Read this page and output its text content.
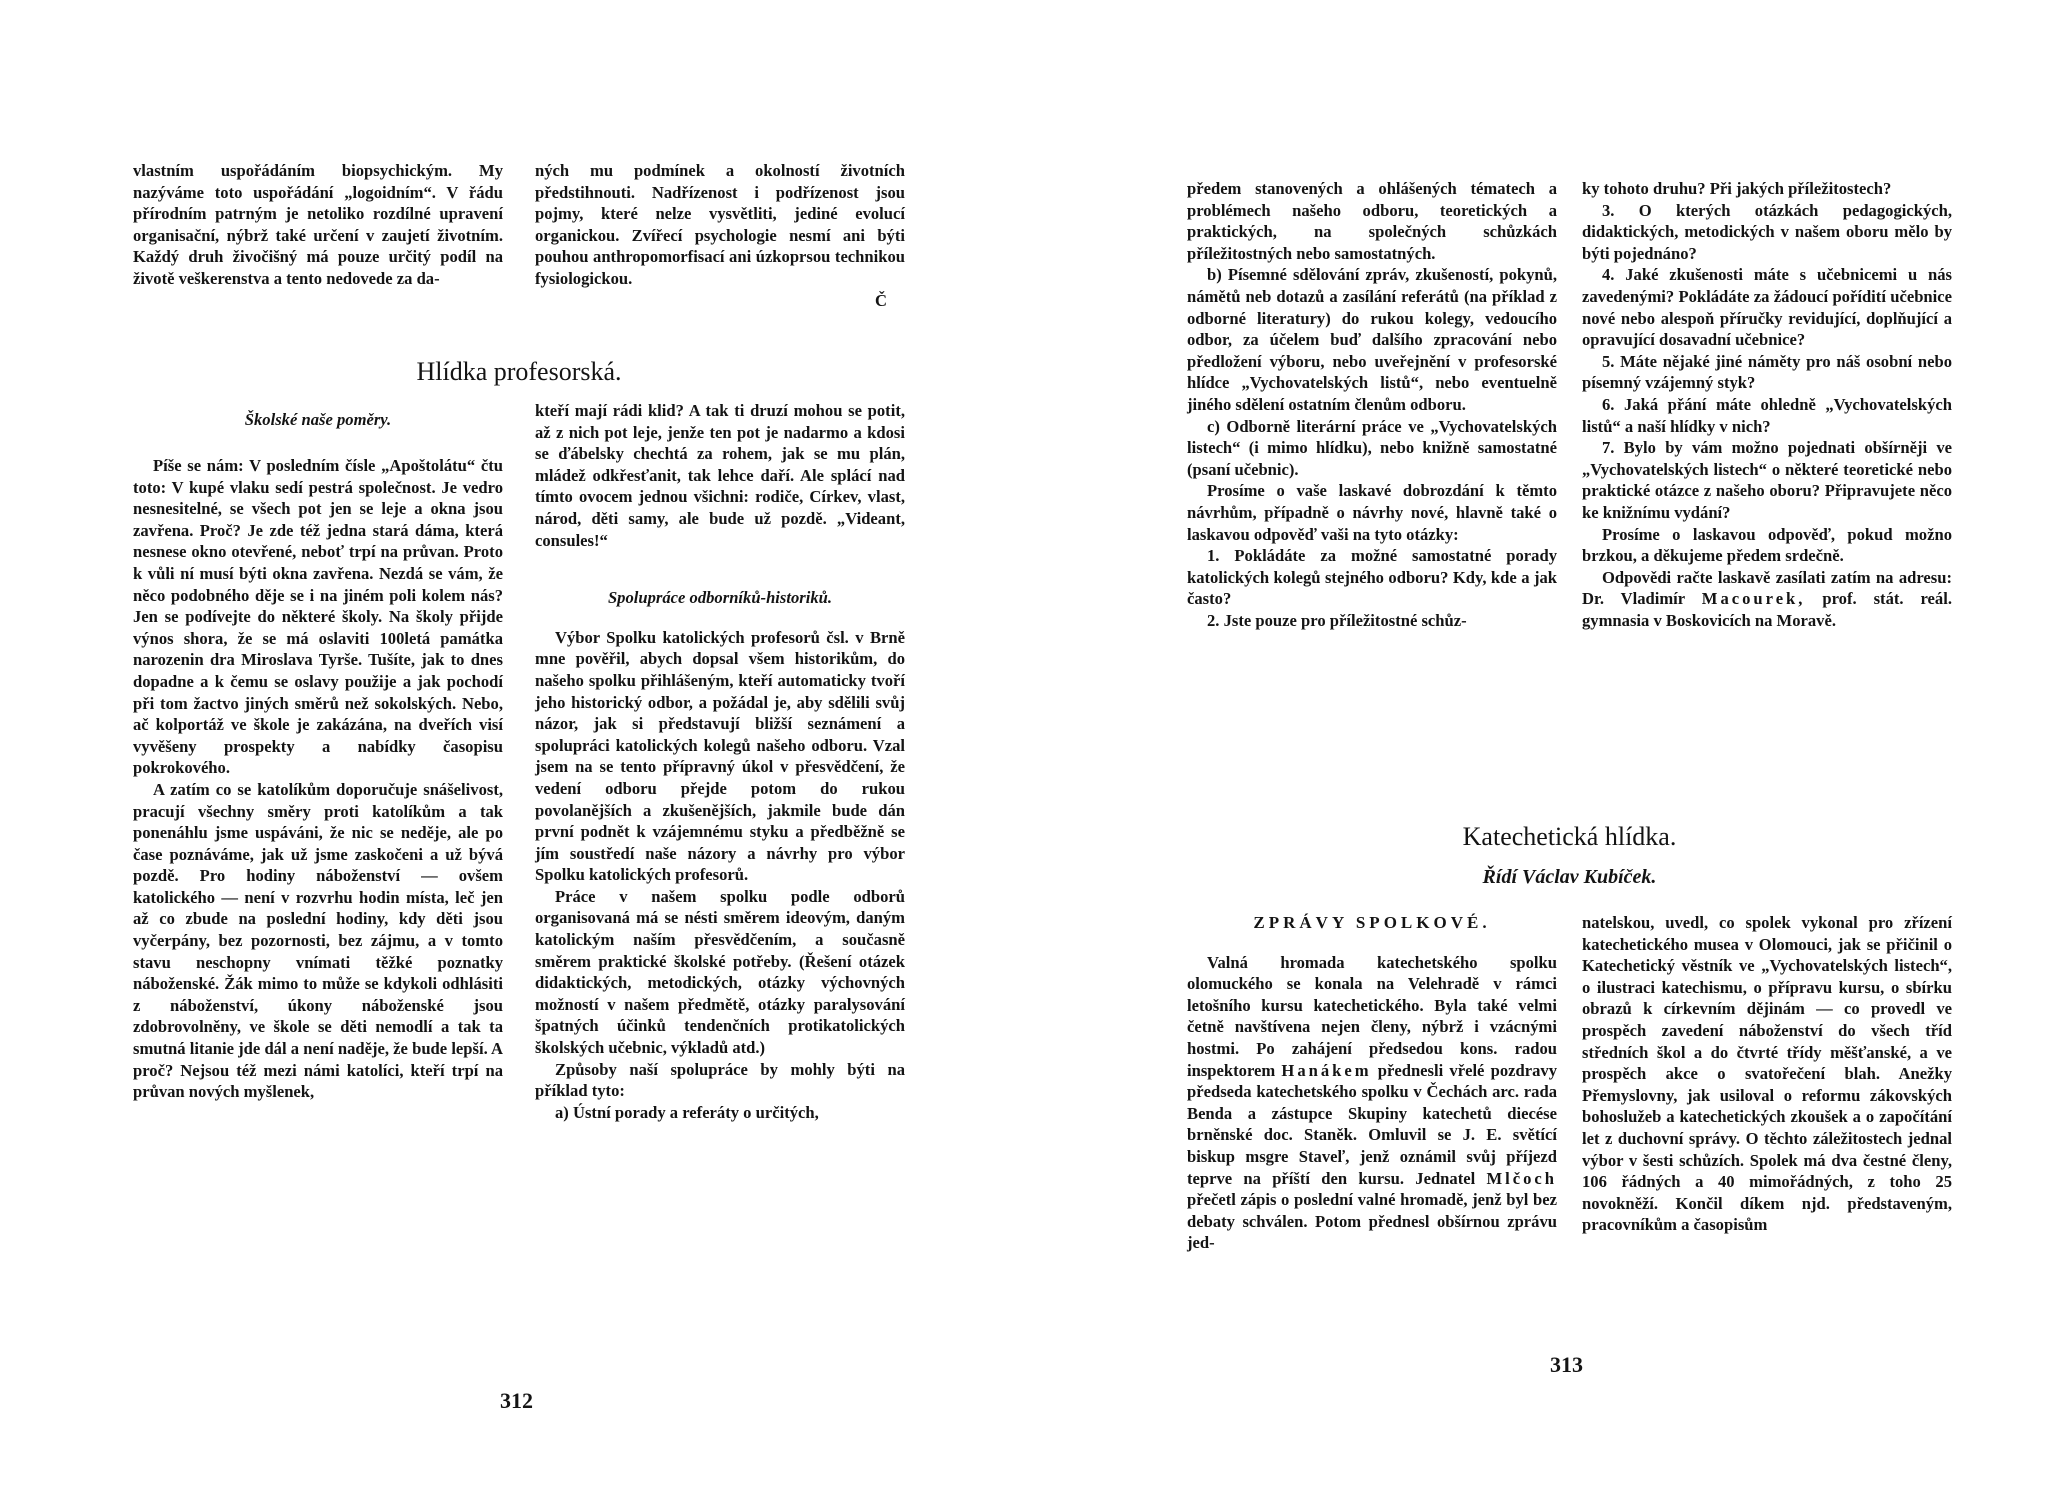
vlastním uspořádáním biopsychickým. My nazýváme toto uspořádání „logoidním“. V řádu přírodním patrným je netoliko rozdílné upravení organisační, nýbrž také určení v zaujetí životním. Každý druh živočišný má pouze určitý podíl na životě veškerenstva a tento nedovede za da-

ných mu podmínek a okolností životních předstihnouti. Nadřízenost i podřízenost jsou pojmy, které nelze vysvětliti, jediné evolucí organickou. Zvířecí psychologie nesmí ani býti pouhou anthropomorfisací ani úzkoprsou technikou fysiologickou.

Č
Hlídka profesorská.
Školské naše poměry.

Píše se nám: V posledním čísle „Apoštolátu“ čtu toto: V kupé vlaku sedí pestrá společnost. Je vedro nesnesitelné, se všech pot jen se leje a okna jsou zavřena. Proč? Je zde též jedna stará dáma, která nesnese okno otevřené, neboť trpí na průvan. Proto k vůli ní musí býti okna zavřena. Nezdá se vám, že něco podobného děje se i na jiném poli kolem nás? Jen se podívejte do některé školy. Na školy přijde výnos shora, že se má oslaviti 100letá památka narozenin dra Miroslava Tyrše. Tušíte, jak to dnes dopadne a k čemu se oslavy použije a jak pochodí při tom žactvo jiných směrů než sokolských. Nebo, ač kolportáž ve škole je zakázána, na dveřích visí vyvěšeny prospekty a nabídky časopisu pokrokového.

A zatím co se katolíkům doporučuje snášelivost, pracují všechny směry proti katolíkům a tak ponenáhlu jsme uspáváni, že nic se neděje, ale po čase poznáváme, jak už jsme zaskočeni a už bývá pozdě. Pro hodiny náboženství — ovšem katolického — není v rozvrhu hodin místa, leč jen až co zbude na poslední hodiny, kdy děti jsou vyčerpány, bez pozornosti, bez zájmu, a v tomto stavu neschopny vnímati těžké poznatky náboženské. Žák mimo to může se kdykoli odhlásiti z náboženství, úkony náboženské jsou zdobrovolněny, ve škole se děti nemodlí a tak ta smutná litanie jde dál a není naděje, že bude lepší. A proč? Nejsou též mezi námi katolíci, kteří trpí na průvan nových myšlenek,

kteří mají rádi klid? A tak ti druzí mohou se potit, až z nich pot leje, jenže ten pot je nadarmo a kdosi se ďábelsky chechtá za rohem, jak se mu plán, mládež odkřesťanit, tak lehce daří. Ale splácí nad tímto ovocem jednou všichni: rodiče, Církev, vlast, národ, děti samy, ale bude už pozdě. „Videant, consules!“

Spolupráce odborníků-historiků.

Výbor Spolku katolických profesorů čsl. v Brně mne pověřil, abych dopsal všem historikům, do našeho spolku přihlášeným, kteří automaticky tvoří jeho historický odbor, a požádal je, aby sdělili svůj názor, jak si představují bližší seznámení a spolupráci katolických kolegů našeho odboru. Vzal jsem na se tento přípravný úkol v přesvědčení, že vedení odboru přejde potom do rukou povolanějších a zkušenějších, jakmile bude dán první podnět k vzájemnému styku a předběžně se jím soustředí naše názory a návrhy pro výbor Spolku katolických profesorů.

Práce v našem spolku podle odborů organisovaná má se nésti směrem ideovým, daným katolickým naším přesvědčením, a současně směrem praktické školské potřeby. (Řešení otázek didaktických, metodických, otázky výchovných možností v našem předmětě, otázky paralysování špatných účinků tendenčních protikatolických školských učebnic, výkladů atd.)

Způsoby naší spolupráce by mohly býti na příklad tyto:

a) Ústní porady a referáty o určitých,

312

předem stanovených a ohlášených tématech a problémech našeho odboru, teoretických a praktických, na společných schůzkách příležitostných nebo samostatných.

b) Písemné sdělování zpráv, zkušeností, pokynů, námětů neb dotazů a zasílání referátů (na příklad z odborné literatury) do rukou kolegy, vedoucího odbor, za účelem buď dalšího zpracování nebo předložení výboru, nebo uveřejnění v profesorské hlídce „Vychovatelských listů“, nebo eventuelně jiného sdělení ostatním členům odboru.

c) Odborně literární práce ve „Vychovatelských listech“ (i mimo hlídku), nebo knižně samostatné (psaní učebnic).

Prosíme o vaše laskavé dobrozdání k těmto návrhům, případně o návrhy nové, hlavně také o laskavou odpověď vaši na tyto otázky:

1. Pokládáte za možné samostatné porady katolických kolegů stejného odboru? Kdy, kde a jak často?

2. Jste pouze pro příležitostné schůz-

ky tohoto druhu? Při jakých příležitostech?

3. O kterých otázkách pedagogických, didaktických, metodických v našem oboru mělo by býti pojednáno?

4. Jaké zkušenosti máte s učebnicemi u nás zavedenými? Pokládáte za žádoucí pořídití učebnice nové nebo alespoň příručky revidující, doplňující a opravující dosavadní učebnice?

5. Máte nějaké jiné náměty pro náš osobní nebo písemný vzájemný styk?

6. Jaká přání máte ohledně „Vychovatelských listů“ a naší hlídky v nich?

7. Bylo by vám možno pojednati obšírněji ve „Vychovatelských listech“ o některé teoretické nebo praktické otázce z našeho oboru? Připravujete něco ke knižnímu vydání?

Prosíme o laskavou odpověď, pokud možno brzkou, a děkujeme předem srdečně.

Odpovědi račte laskavě zasílati zatím na adresu: Dr. Vladimír Macourek, prof. stát. reál. gymnasia v Boskovicích na Moravě.

Katechetická hlídka.
Řídí Václav Kubíček.
ZPRÁVY SPOLKOVÉ.

Valná hromada katechetského spolku olomuckého se konala na Velehradě v rámci letošního kursu katechetického. Byla také velmi četně navštívena nejen členy, nýbrž i vzácnými hostmi. Po zahájení předsedou kons. radou inspektorem Hanákem přednesli vřelé pozdravy předseda katechetského spolku v Čechách arc. rada Benda a zástupce Skupiny katechetů diecése brněnské doc. Staněk. Omluvil se J. E. světící biskup msgre Staveľ, jenž oznámil svůj příjezd teprve na příští den kursu. Jednatel Mlčoch přečetl zápis o poslední valné hromadě, jenž byl bez debaty schválen. Potom přednesl obšírnou zprávu jed-

natelskou, uvedl, co spolek vykonal pro zřízení katechetického musea v Olomouci, jak se přičinil o Katechetický věstník ve „Vychovatelských listech“, o ilustraci katechismu, o přípravu kursu, o sbírku obrazů k církevním dějinám — co provedl ve prospěch zavedení náboženství do všech tříd středních škol a do čtvrté třídy měšťanské, a ve prospěch akce o svatořečení blah. Anežky Přemyslovny, jak usiloval o reformu zákovských bohoslužeb a katechetických zkoušek a o započítání let z duchovní správy. O těchto záležitostech jednal výbor v šesti schůzích. Spolek má dva čestné členy, 106 řádných a 40 mimořádných, z toho 25 novokněží. Končil díkem njd. představeným, pracovníkům a časopisům

313
